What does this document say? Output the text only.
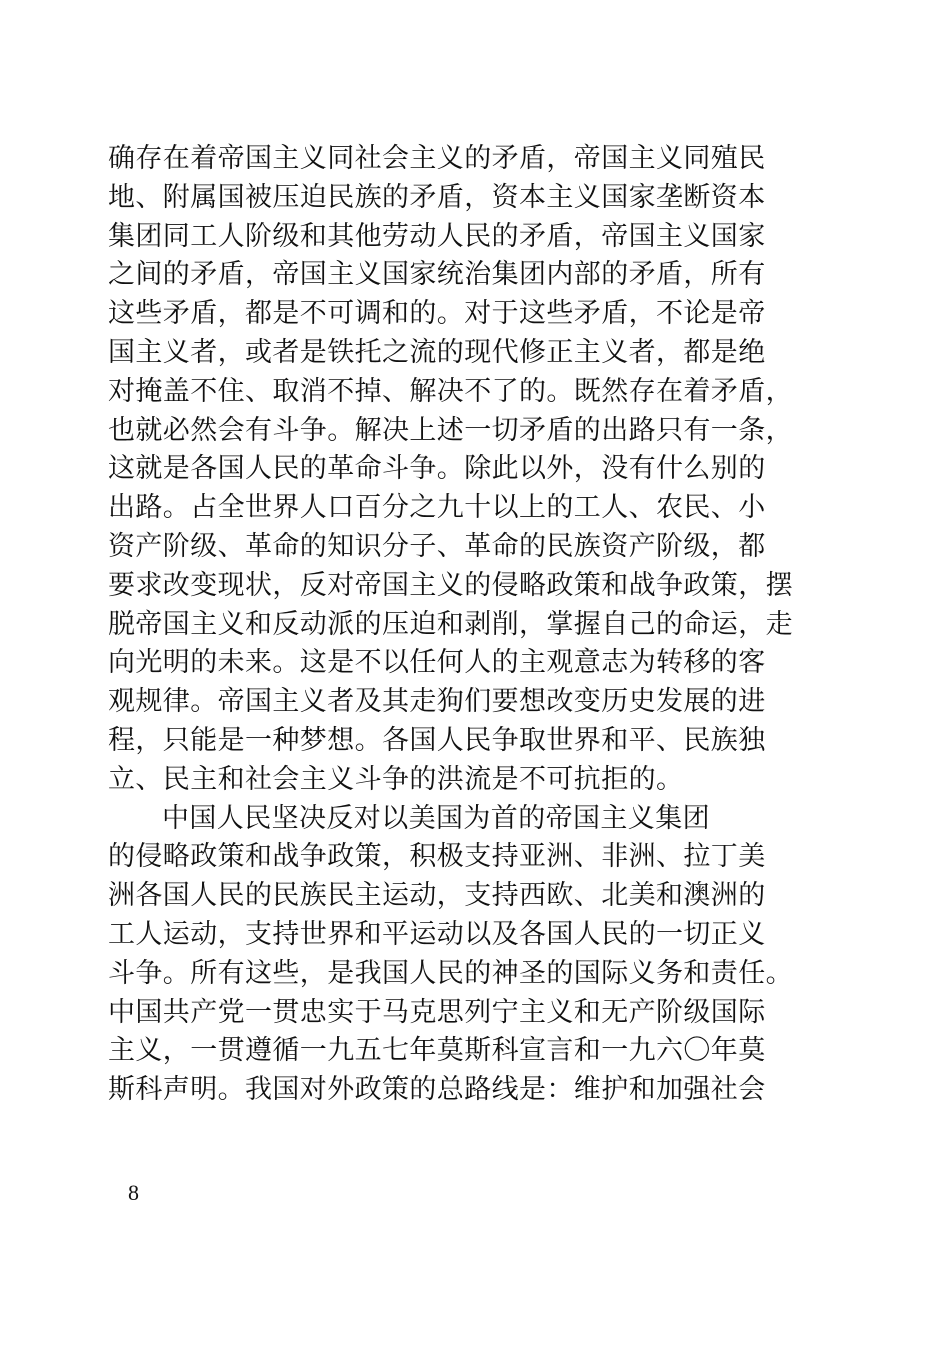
确存在着帝国主义同社会主义的矛盾，帝国主义同殖民
地、附属国被压迫民族的矛盾，资本主义国家垄断资本
集团同工人阶级和其他劳动人民的矛盾，帝国主义国家
之间的矛盾，帝国主义国家统治集团内部的矛盾，所有
这些矛盾，都是不可调和的。对于这些矛盾，不论是帝
国主义者，或者是铁托之流的现代修正主义者，都是绝
对掩盖不住、取消不掉、解决不了的。既然存在着矛盾，
也就必然会有斗争。解决上述一切矛盾的出路只有一条，
这就是各国人民的革命斗争。除此以外，没有什么别的
出路。占全世界人口百分之九十以上的工人、农民、小
资产阶级、革命的知识分子、革命的民族资产阶级，都
要求改变现状，反对帝国主义的侵略政策和战争政策，摆
脱帝国主义和反动派的压迫和剥削，掌握自己的命运，走
向光明的未来。这是不以任何人的主观意志为转移的客
观规律。帝国主义者及其走狗们要想改变历史发展的进
程，只能是一种梦想。各国人民争取世界和平、民族独
立、民主和社会主义斗争的洪流是不可抗拒的。
中国人民坚决反对以美国为首的帝国主义集团
的侵略政策和战争政策，积极支持亚洲、非洲、拉丁美
洲各国人民的民族民主运动，支持西欧、北美和澳洲的
工人运动，支持世界和平运动以及各国人民的一切正义
斗争。所有这些，是我国人民的神圣的国际义务和责任。
中国共产党一贯忠实于马克思列宁主义和无产阶级国际
主义，一贯遵循一九五七年莫斯科宣言和一九六〇年莫
斯科声明。我国对外政策的总路线是：维护和加强社会
8
